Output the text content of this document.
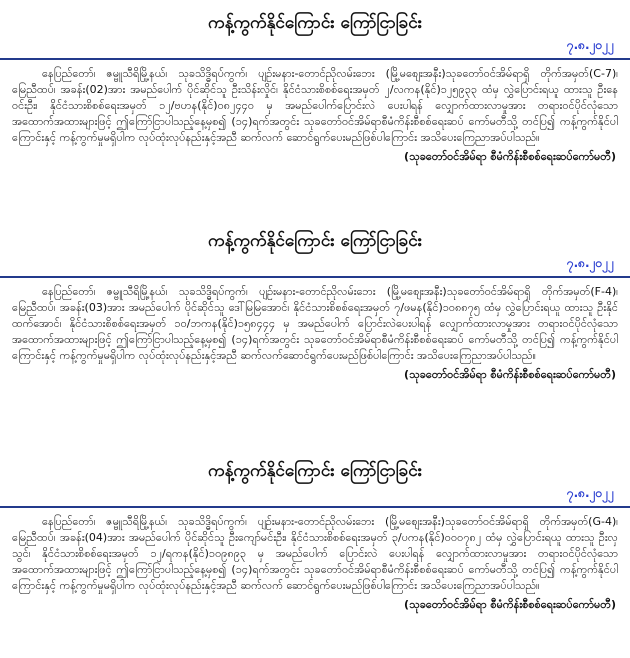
ကန့်ကွက်နိုင်ကြောင်း ကြော်ငြာခြင်း
၇.၈.၂၀၂၂

နေပြည်တော်၊ ဇမ္ဗူသီရိမြို့နယ်၊ သုခသိဒ္ဓိရပ်ကွက်၊ ပျဉ်းမနား-တောင်ညိုလမ်းဘေး (မြို့မစျေးအနီး)သုခတော်ဝင်အိမ်ရာရှိ တိုက်အမှတ်(C-7)၊ မြေညီထပ်၊ အခန်း(02)အား အမည်ပေါက် ပိုင်ဆိုင်သူ ဦးသိန်းလှိုင်၊ နိုင်ငံသားစိစစ်ရေးအမှတ် ၂/လကန(နိုင်)၁၂၅၉၃၃ ထံမှ လွှဲပြောင်းရယူ ထားသူ ဦးနေဝင်းဦး၊ နိုင်ငံသားစိစစ်ရေးအမှတ် ၁၂/ဗဟန(နိုင်)၀၈၂၄၄၀ မှ အမည်ပေါက်ပြောင်းလဲ ပေးပါရန် လျှောက်ထားလာမှုအား တရားဝင်ပိုင်လုံသော အထောက်အထားများဖြင့် ဤကြော်ငြာပါသည့်နေ့မှစ၍ (၁၄)ရက်အတွင်း သုခတော်ဝင်အိမ်ရာစီမံကိန်းစီစစ်ရေးဆပ် ကော်မတီသို့ တင်ပြ၍ ကန့်ကွက်နိုင်ပါကြောင်းနှင့် ကန့်ကွက်မှုမရှိပါက လုပ်ထုံးလုပ်နည်းနှင့်အညီ ဆက်လက် ဆောင်ရွက်ပေးမည်ဖြစ်ပါကြောင်း အသိပေးကြေညာအပ်ပါသည်။

(သုခတော်ဝင်အိမ်ရာ စီမံကိန်းစီစစ်ရေးဆပ်ကော်မတီ)
ကန့်ကွက်နိုင်ကြောင်း ကြော်ငြာခြင်း
၇.၈.၂၀၂၂

နေပြည်တော်၊ ဇမ္ဗူသီရိမြို့နယ်၊ သုခသိဒ္ဓိရပ်ကွက်၊ ပျဉ်းမနား-တောင်ညိုလမ်းဘေး (မြို့မစျေးအနီး)သုခတော်ဝင်အိမ်ရာရှိ တိုက်အမှတ်(F-4)၊ မြေညီထပ်၊ အခန်း(03)အား အမည်ပေါက် ပိုင်ဆိုင်သူ ဒေါ်မြမြအောင်၊ နိုင်ငံသားစိစစ်ရေးအမှတ် ၇/ဖမန(နိုင်)၁၀၈၈၇၅ ထံမှ လွှဲပြောင်းရယူ ထားသူ ဦးနိုင်ထက်အောင်၊ နိုင်ငံသားစိစစ်ရေးအမှတ် ၁၀/ဘကန(နိုင်)၁၅၈၄၄၄ မှ အမည်ပေါက် ပြောင်းလဲပေးပါရန် လျှောက်ထားလာမှုအား တရားဝင်ပိုင်လုံသော အထောက်အထားများဖြင့် ဤကြော်ငြာပါသည့်နေ့မှစ၍ (၁၄)ရက်အတွင်း သုခတော်ဝင်အိမ်ရာစီမံကိန်းစီစစ်ရေးဆပ် ကော်မတီသို့ တင်ပြ၍ ကန့်ကွက်နိုင်ပါကြောင်းနှင့် ကန့်ကွက်မှုမရှိပါက လုပ်ထုံးလုပ်နည်းနှင့်အညီ ဆက်လက်ဆောင်ရွက်ပေးမည်ဖြစ်ပါကြောင်း အသိပေးကြေညာအပ်ပါသည်။

(သုခတော်ဝင်အိမ်ရာ စီမံကိန်းစီစစ်ရေးဆပ်ကော်မတီ)
ကန့်ကွက်နိုင်ကြောင်း ကြော်ငြာခြင်း
၇.၈.၂၀၂၂

နေပြည်တော်၊ ဇမ္ဗူသီရိမြို့နယ်၊ သုခသိဒ္ဓိရပ်ကွက်၊ ပျဉ်းမနား-တောင်ညိုလမ်းဘေး (မြို့မစျေးအနီး)သုခတော်ဝင်အိမ်ရာရှိ တိုက်အမှတ်(G-4)၊ မြေညီထပ်၊ အခန်း(04)အား အမည်ပေါက် ပိုင်ဆိုင်သူ ဦးကျော်မင်းဦး၊ နိုင်ငံသားစိစစ်ရေးအမှတ် ၃/ပကန(နိုင်)၀၀၀၇၈၂ ထံမှ လွှဲပြောင်းရယူ ထားသူ ဦးလှသွင်၊ နိုင်ငံသားစိစစ်ရေးအမှတ် ၁၂/ရကန(နိုင်)၁၀၉၈၉၃ မှ အမည်ပေါက် ပြောင်းလဲ ပေးပါရန် လျှောက်ထားလာမှုအား တရားဝင်ပိုင်လုံသောအထောက်အထားများဖြင့် ဤကြော်ငြာပါသည့်နေ့မှစ၍ (၁၄)ရက်အတွင်း သုခတော်ဝင်အိမ်ရာစီမံကိန်းစီစစ်ရေးဆပ် ကော်မတီသို့ တင်ပြ၍ ကန့်ကွက်နိုင်ပါကြောင်းနှင့် ကန့်ကွက်မှုမရှိပါက လုပ်ထုံးလုပ်နည်းနှင့်အညီ ဆက်လက် ဆောင်ရွက်ပေးမည်ဖြစ်ပါကြောင်း အသိပေးကြေညာအပ်ပါသည်။

(သုခတော်ဝင်အိမ်ရာ စီမံကိန်းစီစစ်ရေးဆပ်ကော်မတီ)
